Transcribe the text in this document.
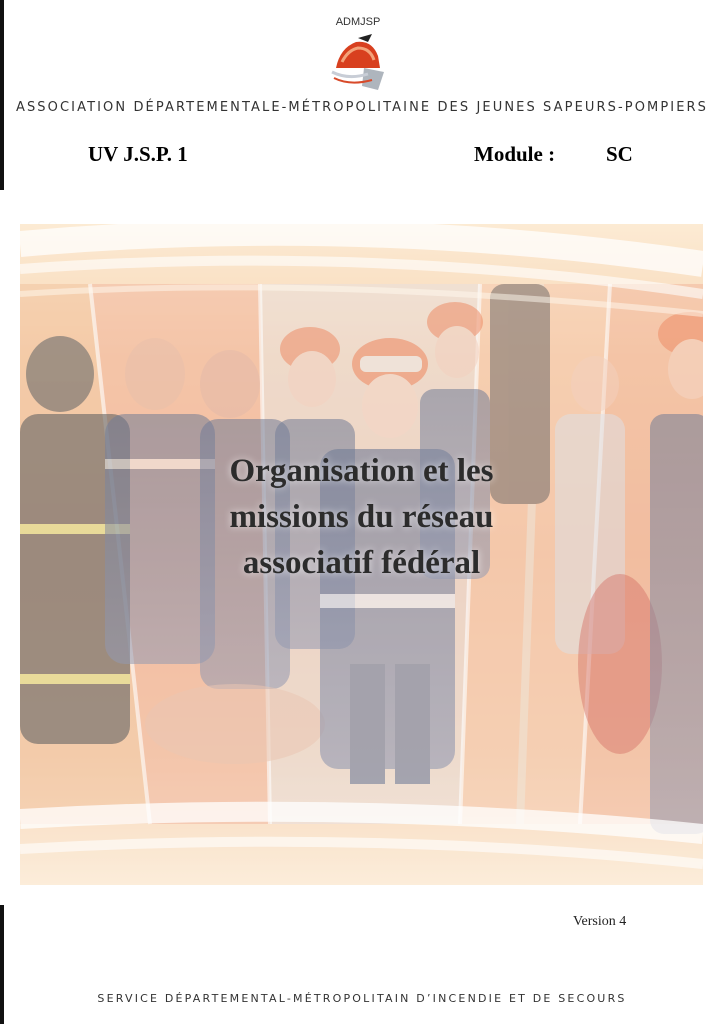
ADMJSP
ASSOCIATION DÉPARTEMENTALE-MÉTROPOLITAINE DES JEUNES SAPEURS-POMPIERS
UV J.S.P. 1	Module : SC
Organisation et les
missions du réseau
associatif fédéral
Version 4
SERVICE DÉPARTEMENTAL-MÉTROPOLITAIN D’INCENDIE ET DE SECOURS
